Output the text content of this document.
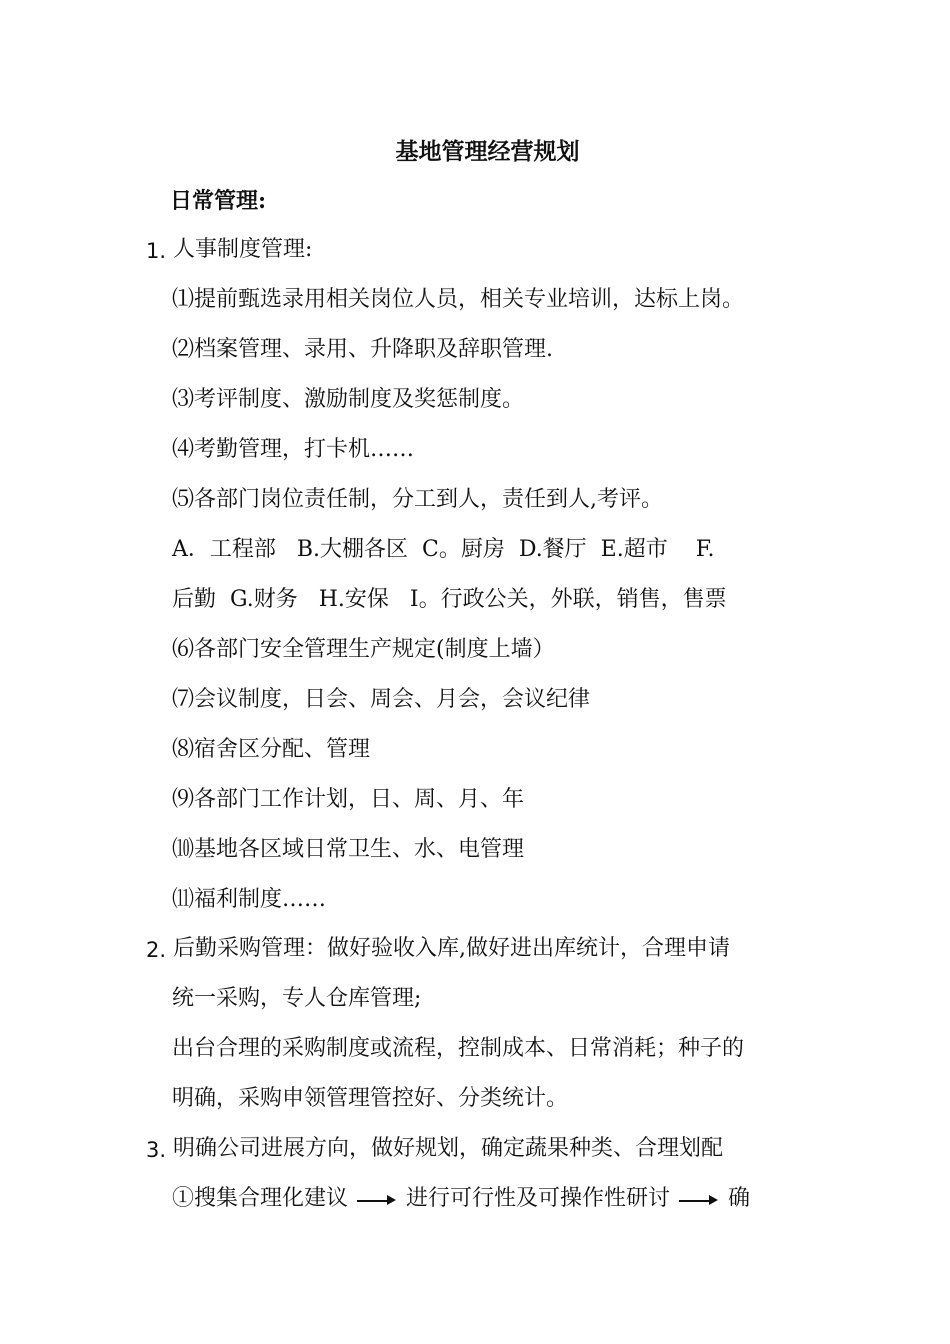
基地管理经营规划
日常管理:
1. 人事制度管理:
⑴提前甄选录用相关岗位人员，相关专业培训，达标上岗。
⑵档案管理、录用、升降职及辞职管理.
⑶考评制度、激励制度及奖惩制度。
⑷考勤管理，打卡机……
⑸各部门岗位责任制，分工到人，责任到人,考评。
A．工程部   B.大棚各区  C。厨房  D.餐厅  E.超市    F.
后勤  G.财务   H.安保   I。行政公关，外联，销售，售票
⑹各部门安全管理生产规定(制度上墙）
⑺会议制度，日会、周会、月会，会议纪律
⑻宿舍区分配、管理
⑼各部门工作计划，日、周、月、年
⑽基地各区域日常卫生、水、电管理
⑾福利制度……
2. 后勤采购管理：做好验收入库,做好进出库统计，合理申请
统一采购，专人仓库管理;
出台合理的采购制度或流程，控制成本、日常消耗；种子的
明确，采购申领管理管控好、分类统计。
3. 明确公司进展方向，做好规划，确定蔬果种类、合理划配
①搜集合理化建议	进行可行性及可操作性研讨	确
